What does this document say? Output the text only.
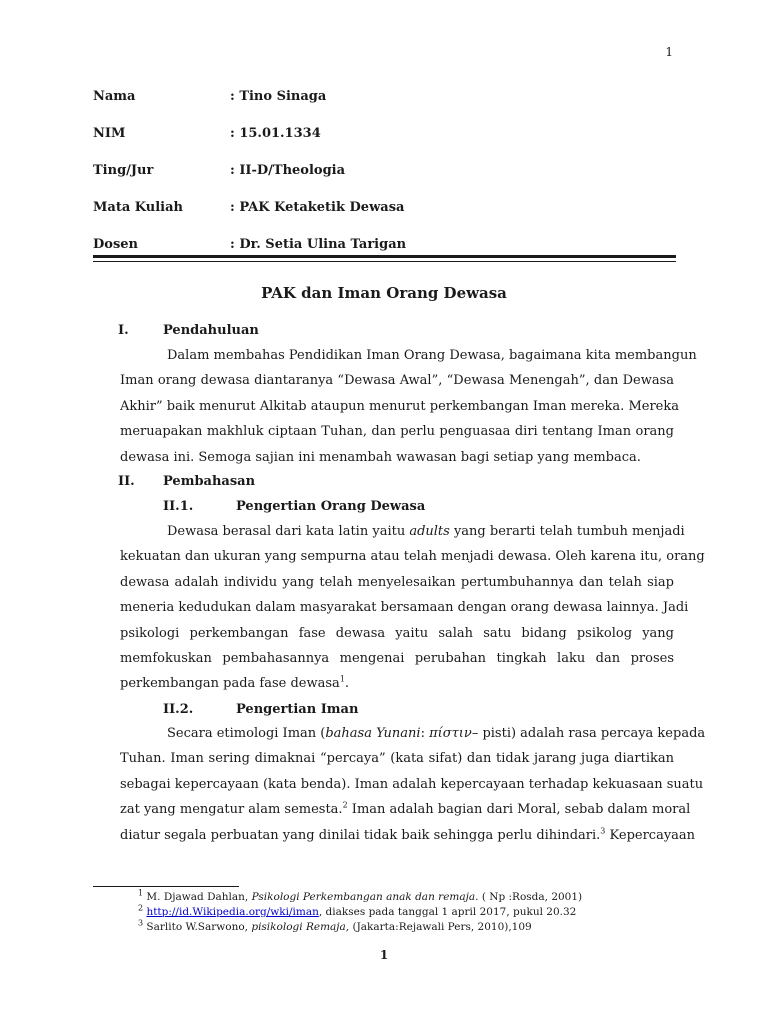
1
Nama	: Tino Sinaga
NIM	: 15.01.1334
Ting/Jur	: II-D/Theologia
Mata Kuliah	: PAK Ketaketik Dewasa
Dosen	: Dr. Setia Ulina Tarigan
PAK dan Iman Orang Dewasa
I.	Pendahuluan
Dalam membahas Pendidikan Iman Orang Dewasa, bagaimana kita membangun
Iman orang dewasa diantaranya “Dewasa Awal”, “Dewasa Menengah”, dan Dewasa
Akhir” baik menurut Alkitab ataupun menurut perkembangan Iman mereka. Mereka
meruapakan makhluk ciptaan Tuhan, dan perlu penguasaa diri tentang Iman orang
dewasa ini. Semoga sajian ini menambah wawasan bagi setiap yang membaca.
II. Pembahasan
II.1.	Pengertian Orang Dewasa
Dewasa berasal dari kata latin yaitu adults yang berarti telah tumbuh menjadi
kekuatan dan ukuran yang sempurna atau telah menjadi dewasa. Oleh karena itu, orang
dewasa adalah individu yang telah menyelesaikan pertumbuhannya dan telah siap
meneria kedudukan dalam masyarakat bersamaan dengan orang dewasa lainnya. Jadi
psikologi perkembangan fase dewasa yaitu salah satu bidang psikolog yang
memfokuskan pembahasannya mengenai perubahan tingkah laku dan proses
perkembangan pada fase dewasa$^1$.
II.2.	Pengertian Iman
Secara etimologi Iman (bahasa Yunani: πίστιν– pisti) adalah rasa percaya kepada
Tuhan. Iman sering dimaknai “percaya” (kata sifat) dan tidak jarang juga diartikan
sebagai kepercayaan (kata benda). Iman adalah kepercayaan terhadap kekuasaan suatu
zat yang mengatur alam semesta.$^2$ Iman adalah bagian dari Moral, sebab dalam moral
diatur segala perbuatan yang dinilai tidak baik sehingga perlu dihindari.$^3$ Kepercayaan
$^1$ M. Djawad Dahlan, Psikologi Perkembangan anak dan remaja. ( Np :Rosda, 2001)
$^2$ http://id.Wikipedia.org/wki/iman, diakses pada tanggal 1 april 2017, pukul 20.32
$^3$ Sarlito W.Sarwono, pisikologi Remaja, (Jakarta:Rejawali Pers, 2010),109
1
